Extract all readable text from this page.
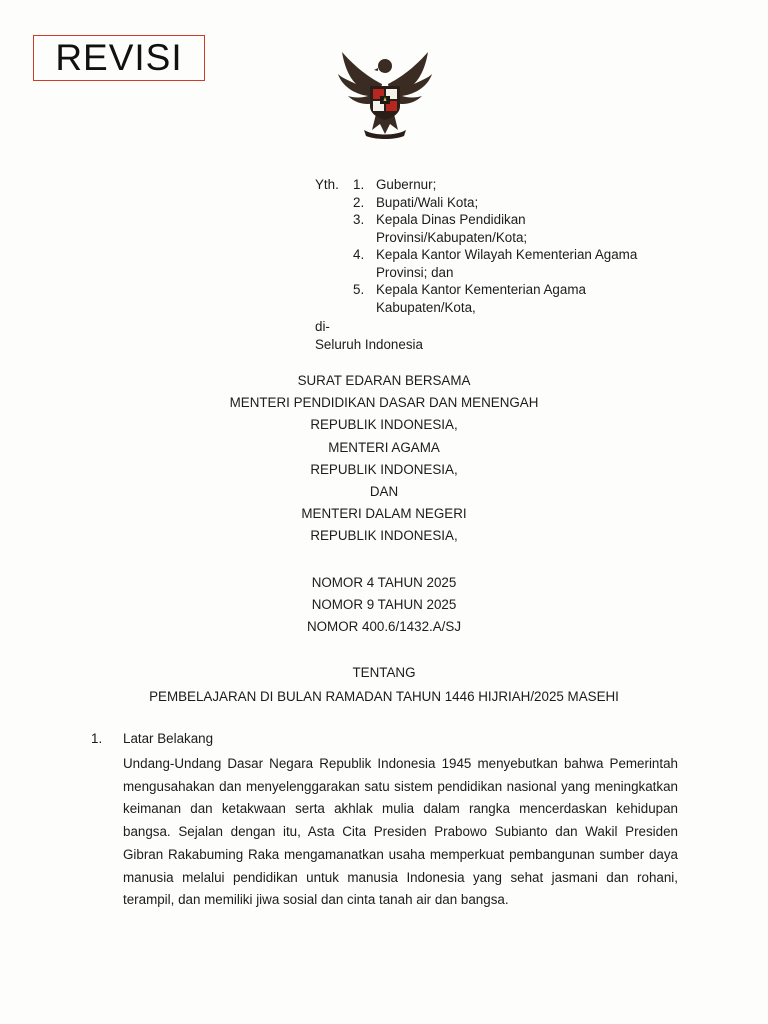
REVISI
Yth. 1. Gubernur;
2. Bupati/Wali Kota;
3. Kepala Dinas Pendidikan
Provinsi/Kabupaten/Kota;
4. Kepala Kantor Wilayah Kementerian Agama
Provinsi; dan
5. Kepala Kantor Kementerian Agama
Kabupaten/Kota,
di-
Seluruh Indonesia
SURAT EDARAN BERSAMA
MENTERI PENDIDIKAN DASAR DAN MENENGAH
REPUBLIK INDONESIA,
MENTERI AGAMA
REPUBLIK INDONESIA,
DAN
MENTERI DALAM NEGERI
REPUBLIK INDONESIA,
NOMOR 4 TAHUN 2025
NOMOR 9 TAHUN 2025
NOMOR 400.6/1432.A/SJ
TENTANG
PEMBELAJARAN DI BULAN RAMADAN TAHUN 1446 HIJRIAH/2025 MASEHI
1. Latar Belakang
Undang-Undang Dasar Negara Republik Indonesia 1945 menyebutkan bahwa Pemerintah mengusahakan dan menyelenggarakan satu sistem pendidikan nasional yang meningkatkan keimanan dan ketakwaan serta akhlak mulia dalam rangka mencerdaskan kehidupan bangsa. Sejalan dengan itu, Asta Cita Presiden Prabowo Subianto dan Wakil Presiden Gibran Rakabuming Raka mengamanatkan usaha memperkuat pembangunan sumber daya manusia melalui pendidikan untuk manusia Indonesia yang sehat jasmani dan rohani, terampil, dan memiliki jiwa sosial dan cinta tanah air dan bangsa.
